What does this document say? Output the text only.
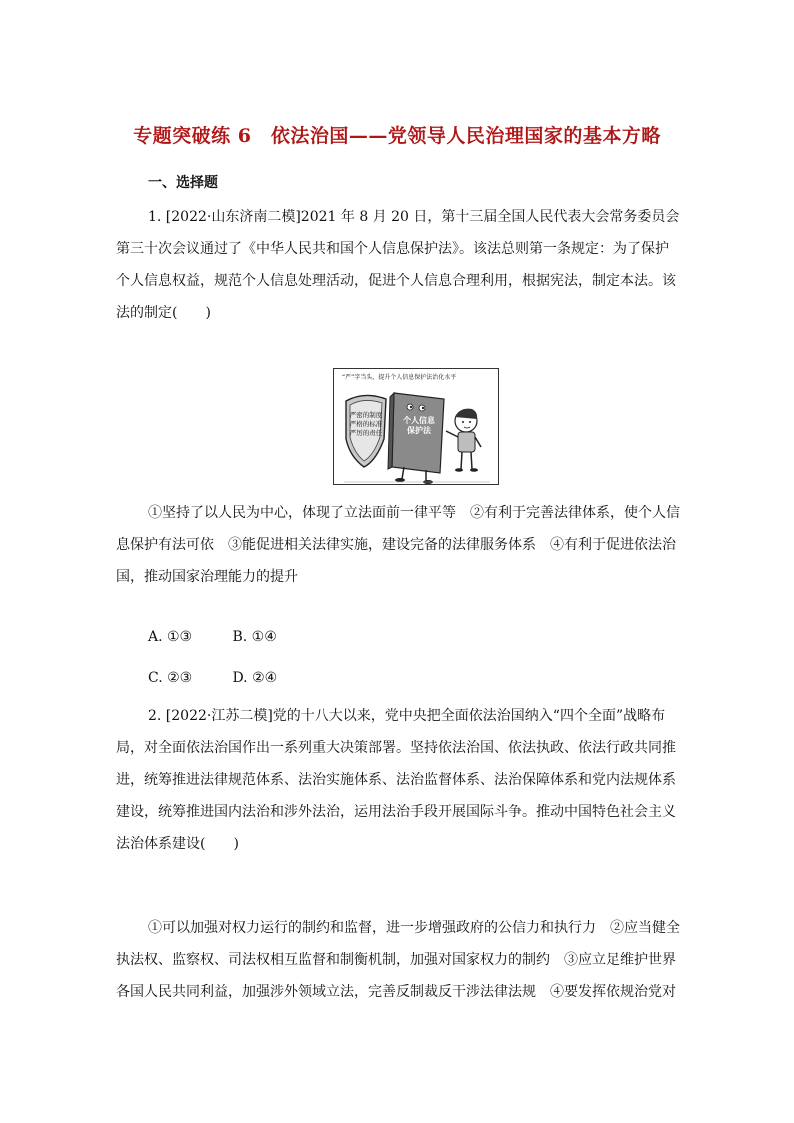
专题突破练 6　依法治国——党领导人民治理国家的基本方略
一、选择题
1. [2022·山东济南二模]2021 年 8 月 20 日，第十三届全国人民代表大会常务委员会
第三十次会议通过了《中华人民共和国个人信息保护法》。该法总则第一条规定：为了保护
个人信息权益，规范个人信息处理活动，促进个人信息合理利用，根据宪法，制定本法。该
法的制定(　　)
“严”字当头，提升个人信息保护法治化水平
严密的制度
严格的标准
严厉的责任
个人信息
保护法
①坚持了以人民为中心，体现了立法面前一律平等　②有利于完善法律体系，使个人信
息保护有法可依　③能促进相关法律实施，建设完备的法律服务体系　④有利于促进依法治
国，推动国家治理能力的提升
A. ①③	B. ①④
C. ②③	D. ②④
2. [2022·江苏二模]党的十八大以来，党中央把全面依法治国纳入“四个全面”战略布
局，对全面依法治国作出一系列重大决策部署。坚持依法治国、依法执政、依法行政共同推
进，统筹推进法律规范体系、法治实施体系、法治监督体系、法治保障体系和党内法规体系
建设，统筹推进国内法治和涉外法治，运用法治手段开展国际斗争。推动中国特色社会主义
法治体系建设(　　)
①可以加强对权力运行的制约和监督，进一步增强政府的公信力和执行力　②应当健全
执法权、监察权、司法权相互监督和制衡机制，加强对国家权力的制约　③应立足维护世界
各国人民共同利益，加强涉外领域立法，完善反制裁反干涉法律法规　④要发挥依规治党对
